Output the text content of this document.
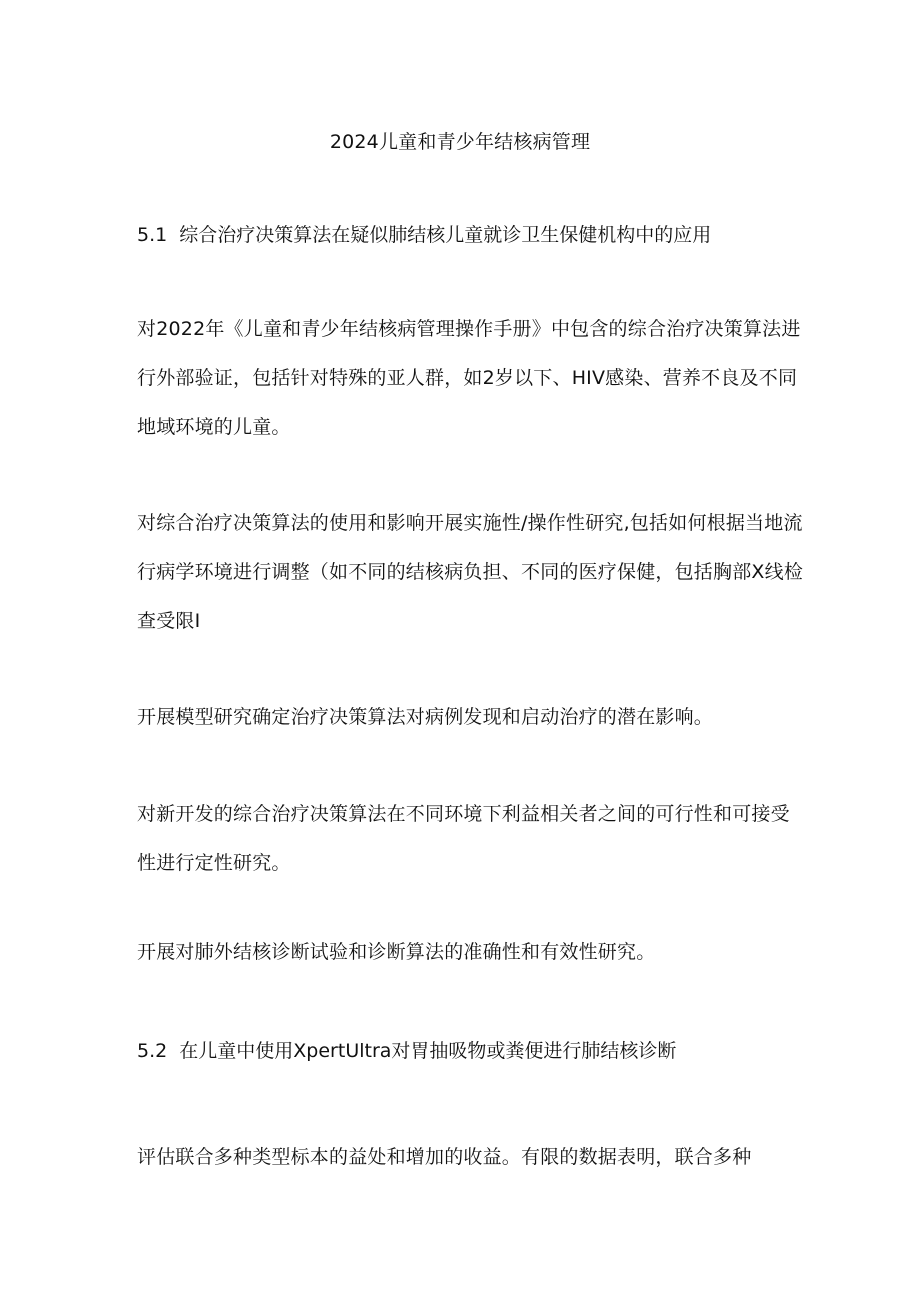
2024儿童和青少年结核病管理
5.1  综合治疗决策算法在疑似肺结核儿童就诊卫生保健机构中的应用

对2022年《儿童和青少年结核病管理操作手册》中包含的综合治疗决策算法进
行外部验证，包括针对特殊的亚人群，如2岁以下、HIV感染、营养不良及不同
地域环境的儿童。

对综合治疗决策算法的使用和影响开展实施性/操作性研究,包括如何根据当地流
行病学环境进行调整（如不同的结核病负担、不同的医疗保健，包括胸部X线检
查受限I

开展模型研究确定治疗决策算法对病例发现和启动治疗的潜在影响。

对新开发的综合治疗决策算法在不同环境下利益相关者之间的可行性和可接受
性进行定性研究。

开展对肺外结核诊断试验和诊断算法的准确性和有效性研究。

5.2  在儿童中使用XpertUltra对胃抽吸物或粪便进行肺结核诊断

评估联合多种类型标本的益处和增加的收益。有限的数据表明，联合多种
